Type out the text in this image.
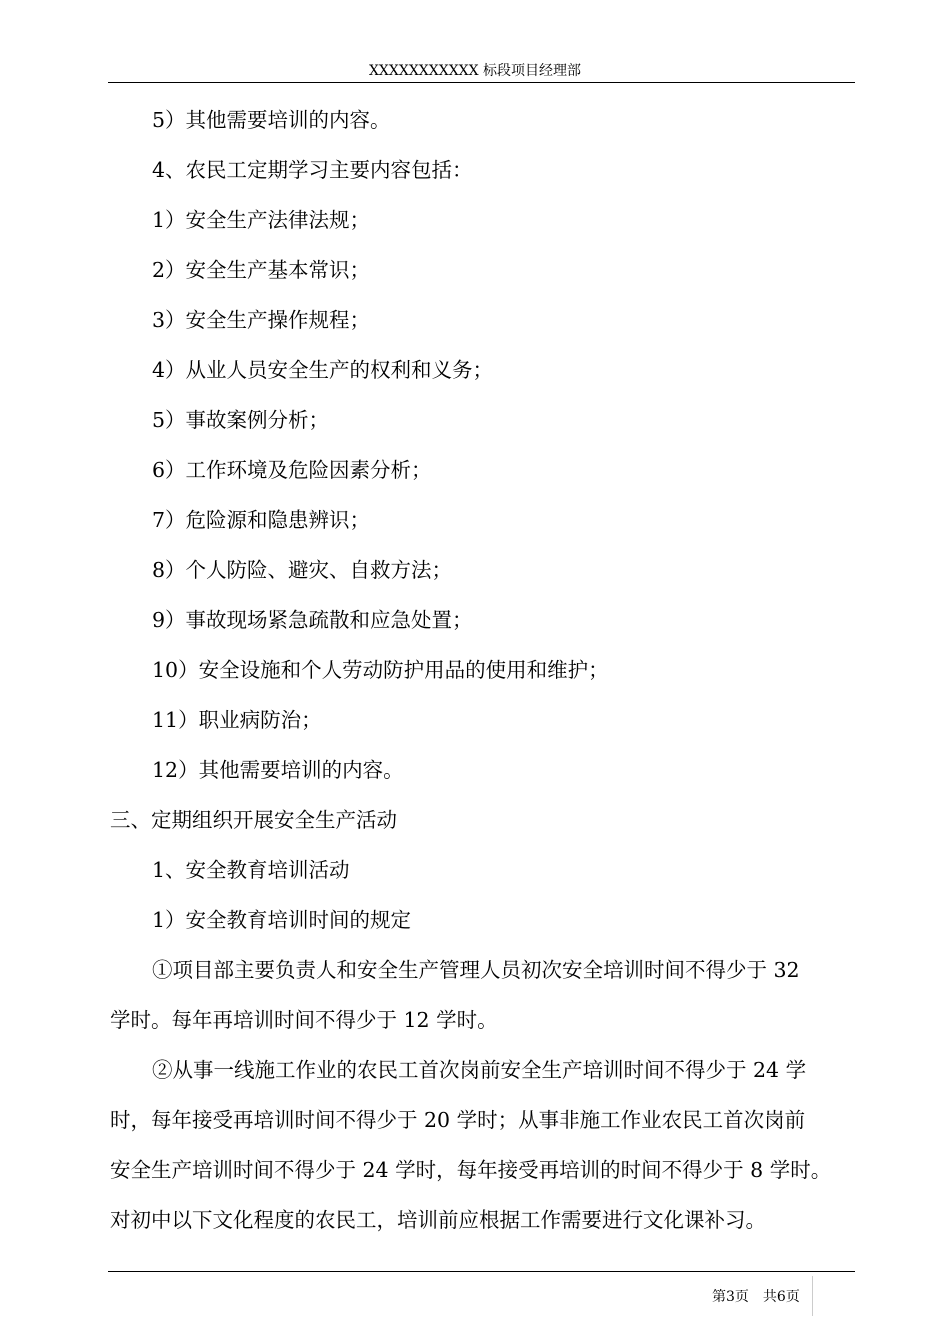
XXXXXXXXXXX 标段项目经理部
5）其他需要培训的内容。
4、农民工定期学习主要内容包括：
1）安全生产法律法规；
2）安全生产基本常识；
3）安全生产操作规程；
4）从业人员安全生产的权利和义务；
5）事故案例分析；
6）工作环境及危险因素分析；
7）危险源和隐患辨识；
8）个人防险、避灾、自救方法；
9）事故现场紧急疏散和应急处置；
10）安全设施和个人劳动防护用品的使用和维护；
11）职业病防治；
12）其他需要培训的内容。
三、定期组织开展安全生产活动
1、安全教育培训活动
1）安全教育培训时间的规定
①项目部主要负责人和安全生产管理人员初次安全培训时间不得少于 32
学时。每年再培训时间不得少于 12 学时。
②从事一线施工作业的农民工首次岗前安全生产培训时间不得少于 24 学
时，每年接受再培训时间不得少于 20 学时；从事非施工作业农民工首次岗前
安全生产培训时间不得少于 24 学时，每年接受再培训的时间不得少于 8 学时。
对初中以下文化程度的农民工，培训前应根据工作需要进行文化课补习。
第3页 共6页
